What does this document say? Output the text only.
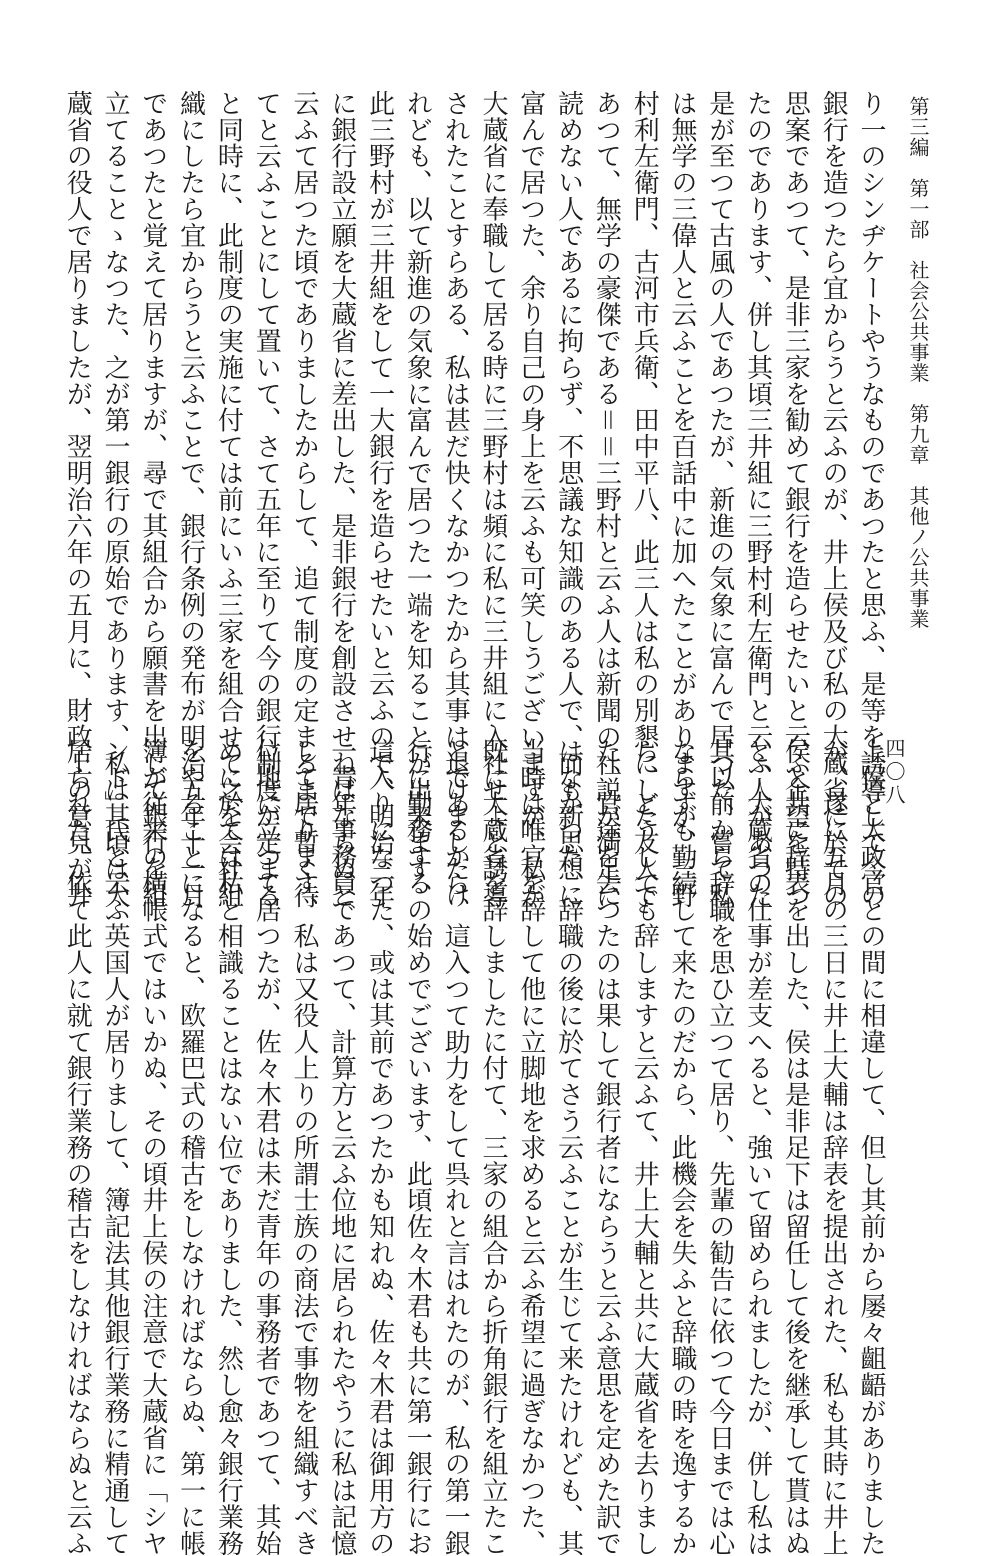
第三編　第一部　社会公共事業　第九章　其他ノ公共事業
四〇八
り一のシンヂケートやうなものであつたと思ふ、是等を誘導して今の
銀行を造つたら宜からうと云ふのが、井上侯及び私の大蔵省に於ての
思案であつて、是非三家を勧めて銀行を造らせたいと云ふ企望を持つ
たのであります、併し其頃三井組に三野村利左衛門と云ふ人があつた
是が至つて古風の人であつたが、新進の気象に富んで居つた、嘗て私
は無学の三偉人と云ふことを百話中に加へたことがありますが、三野
村利左衛門、古河市兵衛、田中平八、此三人は私の別懇にした友人で
あつて、無学の豪傑である＝＝三野村と云ふ人は新聞の社説が満足に
読めない人であるに拘らず、不思議な知識のある人で、而も新思想に
富んで居つた、余り自己の身上を云ふも可笑しうございますが、私が
大蔵省に奉職して居る時に三野村は頻に私に三井組に入社せよと誘導
されたことすらある、私は甚だ快くなかつたから其事は退けましたけ
れども、以て新進の気象に富んで居つた一端を知ることが出来ます、
此三野村が三井組をして一大銀行を造らせたいと云ふので、明治三年
に銀行設立願を大蔵省に差出した、是非銀行を創設させねばならぬと
云ふて居つた頃でありましたからして、追て制度の定まるまで暫く待
てと云ふことにして置いて、さて五年に至りて今の銀行制度が定まる
と同時に、此制度の実施に付ては前にいふ三家を組合せて之を会社組
織にしたら宜からうと云ふことで、銀行条例の発布が明治五年十一月
であつたと覚えて居りますが、尋で其組合から願書を出して銀行を組
立てることゝなつた、之が第一銀行の原始であります、私は其頃は大
蔵省の役人で居りましたが、翌明治六年の五月に、財政上の意見が井
上侯と太政官との間に相違して、但し其前から屡々齟齬がありました
が、遂に五月の三日に井上大輔は辞表を提出された、私も其時に井上
侯と共に辞表を出した、侯は是非足下は留任して後を継承して貰はぬ
と、大蔵省の仕事が差支へると、強いて留められましたが、併し私は
其以前から辞職を思ひ立つて居り、先輩の勧告に依つて今日までは心
ならずも勤続して来たのだから、此機会を失ふと辞職の時を逸するか
ら、どうしても辞しますと云ふて、井上大輔と共に大蔵省を去りまし
た、官途を去つたのは果して銀行者にならうと云ふ意思を定めた訳で
はなかつた、辞職の後に於てさう云ふことが生じて来たけれども、其
当時は唯官を辞して他に立脚地を求めると云ふ希望に過ぎなかつた、
既に大蔵省を辞しましたに付て、三家の組合から折角銀行を組立たこ
とであるから、這入つて助力をして呉れと言はれたのが、私の第一銀
行に勤務するの始めでございます、此頃佐々木君も共に第一銀行にお
這入りになつた、或は其前であつたかも知れぬ、佐々木君は御用方の
一青年事務員であつて、計算方と云ふ位地に居られたやうに私は記憶
して居ります、私は又役人上りの所謂士族の商法で事物を組織すべき
位地に立つて居つたが、佐々木君は未だ青年の事務者であつて、其始
めに於ては私と相識ることはない位でありました、然し愈々銀行業務
をやることになると、欧羅巴式の稽古をしなければならぬ、第一に帳
簿が従来の横帳式ではいかぬ、その頃井上侯の注意で大蔵省に「シヤ
ンド」氏と云ふ英国人が居りまして、簿記法其他銀行業務に精通して
居られた、依て此人に就て銀行業務の稽古をしなければならぬと云ふ
